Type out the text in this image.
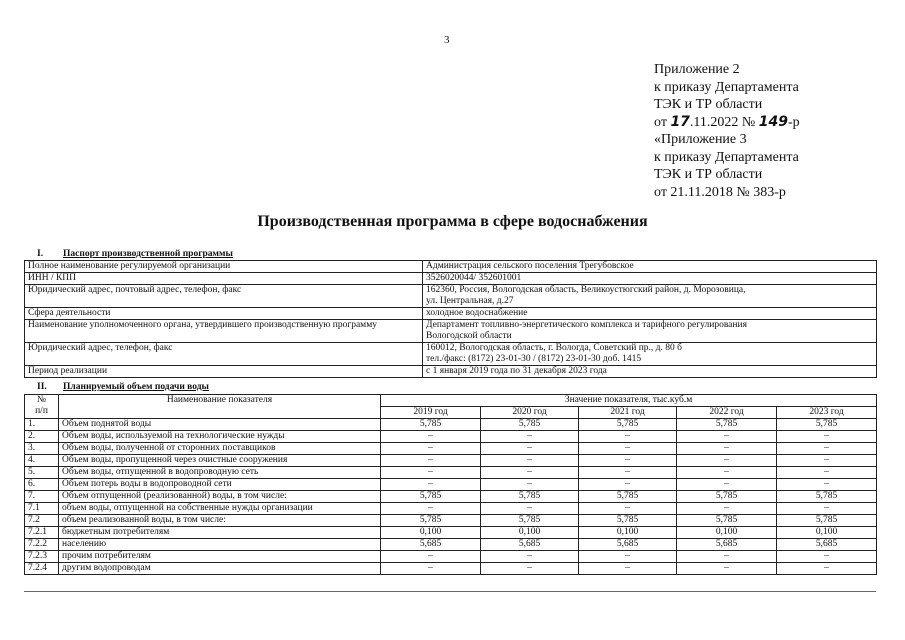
3
Приложение 2
к приказу Департамента
ТЭК и ТР области
от 17.11.2022 № 149-р
«Приложение 3
к приказу Департамента
ТЭК и ТР области
от 21.11.2018 № 383-р
Производственная программа в сфере водоснабжения
I. Паспорт производственной программы
Полное наименование регулируемой организации	Администрация сельского поселения Трегубовское

ИНН / КПП	3526020044/ 352601001

Юридический адрес, почтовый адрес, телефон, факс	162360, Россия, Вологодская область, Великоустюгский район, д. Морозовица,
ул. Центральная, д.27

Сфера деятельности	холодное водоснабжение

Наименование уполномоченного органа, утвердившего производственную программу	Департамент топливно-энергетического комплекса и тарифного регулирования
Вологодской области

Юридический адрес, телефон, факс	160012, Вологодская область, г. Вологда, Советский пр., д. 80 б
тел./факс: (8172) 23-01-30 / (8172) 23-01-30 доб. 1415

Период реализации	с 1 января 2019 года по 31 декабря 2023 года
II. Планируемый объем подачи воды
№
п/п	Наименование показателя	Значение показателя, тыс.куб.м				
		2019 год	2020 год	2021 год	2022 год	2023 год
1.	Объем поднятой воды	5,785	5,785	5,785	5,785	5,785
2.	Объем воды, используемой на технологические нужды	–	–	–	–	–
3.	Объем воды, полученной от сторонних поставщиков	–	–	–	–	–
4.	Объем воды, пропущенной через очистные сооружения	–	–	–	–	–
5.	Объем воды, отпущенной в водопроводную сеть	–	–	–	–	–
6.	Объем потерь воды в водопроводной сети	–	–	–	–	–
7.	Объем отпущенной (реализованной) воды, в том числе:	5,785	5,785	5,785	5,785	5,785
7.1	объем воды, отпущенной на собственные нужды организации	–	–	–	–	–
7.2	объем реализованной воды, в том числе:	5,785	5,785	5,785	5,785	5,785
7.2.1	бюджетным потребителям	0,100	0,100	0,100	0,100	0,100
7.2.2	населению	5,685	5,685	5,685	5,685	5,685
7.2.3	прочим потребителям	–	–	–	–	–
7.2.4	другим водопроводам	–	–	–	–	–
